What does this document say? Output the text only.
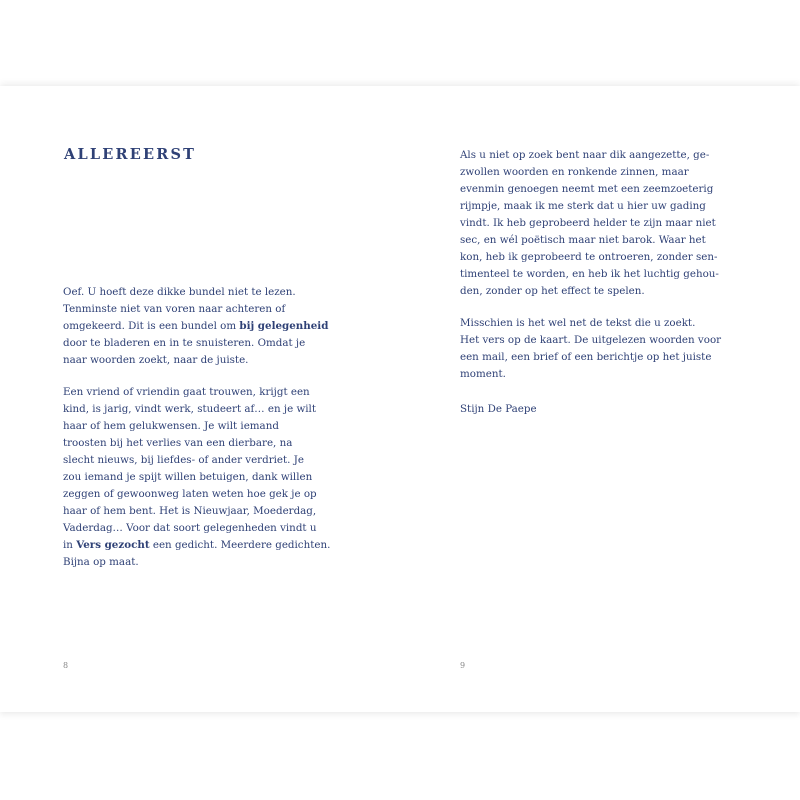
ALLEREERST

Oef. U hoeft deze dikke bundel niet te lezen.
Tenminste niet van voren naar achteren of
omgekeerd. Dit is een bundel om bij gelegenheid
door te bladeren en in te snuisteren. Omdat je
naar woorden zoekt, naar de juiste.

Een vriend of vriendin gaat trouwen, krijgt een
kind, is jarig, vindt werk, studeert af… en je wilt
haar of hem gelukwensen. Je wilt iemand
troosten bij het verlies van een dierbare, na
slecht nieuws, bij liefdes- of ander verdriet. Je
zou iemand je spijt willen betuigen, dank willen
zeggen of gewoonweg laten weten hoe gek je op
haar of hem bent. Het is Nieuwjaar, Moederdag,
Vaderdag… Voor dat soort gelegenheden vindt u
in Vers gezocht een gedicht. Meerdere gedichten.
Bijna op maat.

8

Als u niet op zoek bent naar dik aangezette, ge-
zwollen woorden en ronkende zinnen, maar
evenmin genoegen neemt met een zeemzoeterig
rijmpje, maak ik me sterk dat u hier uw gading
vindt. Ik heb geprobeerd helder te zijn maar niet
sec, en wél poëtisch maar niet barok. Waar het
kon, heb ik geprobeerd te ontroeren, zonder sen-
timenteel te worden, en heb ik het luchtig gehou-
den, zonder op het effect te spelen.

Misschien is het wel net de tekst die u zoekt.
Het vers op de kaart. De uitgelezen woorden voor
een mail, een brief of een berichtje op het juiste
moment.

Stijn De Paepe

9
